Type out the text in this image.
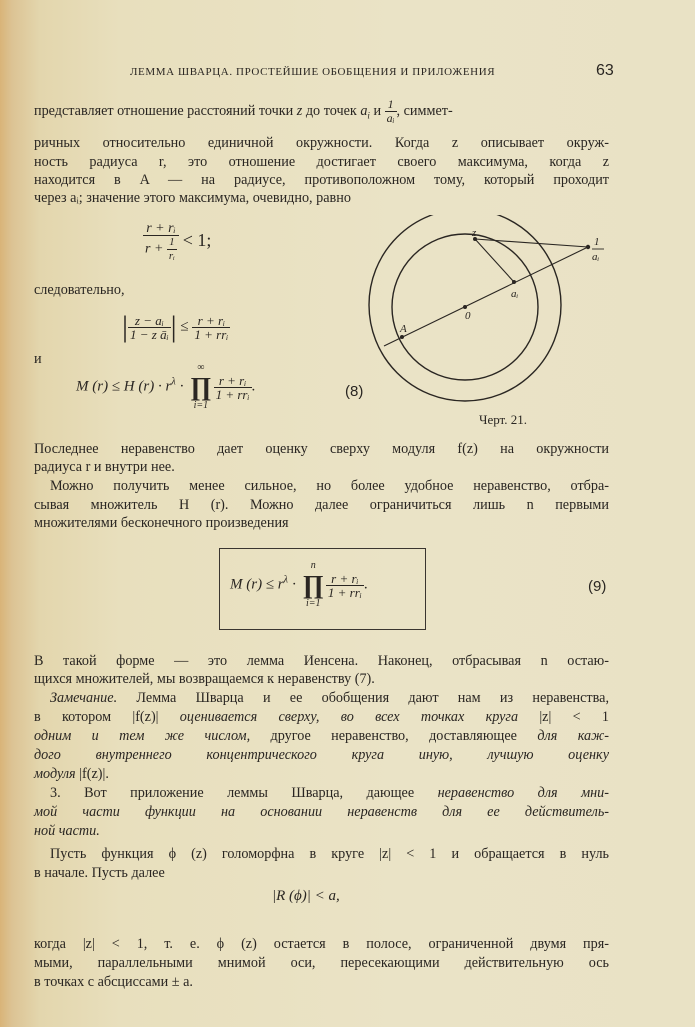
ЛЕММА ШВАРЦА. ПРОСТЕЙШИЕ ОБОБЩЕНИЯ И ПРИЛОЖЕНИЯ	63
представляет отношение расстояний точки z до точек $a_i$ и $\frac{1}{\text{aᵢ}}$ , симмет-
ричных относительно единичной окружности. Когда z описывает окруж-
ность радиуса r, это отношение достигает своего максимума, когда z
находится в A — на радиусе, противоположном тому, который проходит
через aᵢ; значение этого максимума, очевидно, равно
$\frac{\text{r + rᵢ}}{r + \frac{1}{\text{rᵢ}}} < 1$;
следовательно,
| $\frac{\text{z − aᵢ}}{\text{1 − z āᵢ}}$ | ≤ $\frac{\text{r + rᵢ}}{\text{1 + rrᵢ}}$
и
M (r) ≤ H $(r) \cdot r^\lambda$ ·
∞
∏
i=1
$\frac{\text{r + rᵢ}}{\text{1 + rrᵢ}}$ .	(8)
z
1
aᵢ
aᵢ
0
A
Черт. 21.
Последнее неравенство дает оценку сверху модуля f(z) на окружности
радиуса r и внутри нее.
Можно получить менее сильное, но более удобное неравенство, отбра-
сывая множитель H (r). Можно далее ограничиться лишь n первыми
множителями бесконечного произведения
M $(r) \le r^\lambda$ ·
n
∏
i=1
$\frac{\text{r + rᵢ}}{\text{1 + rrᵢ}}$ .	(9)
В такой форме — это лемма Иенсена. Наконец, отбрасывая n остаю-
щихся множителей, мы возвращаемся к неравенству (7).
Замечание. Лемма Шварца и ее обобщения дают нам из неравенства,
в котором |f(z)| оценивается сверху, во всех точках круга |z| < 1
одним и тем же числом, другое неравенство, доставляющее для каж-
дого внутреннего концентрического круга иную, лучшую оценку
модуля |f(z)|.
3. Вот приложение леммы Шварца, дающее неравенство для мни-
мой части функции на основании неравенств для ее действитель-
ной части.
Пусть функция ϕ (z) голоморфна в круге |z| < 1 и обращается в нуль
в начале. Пусть далее
|R (ϕ)| < a,
когда |z| < 1, т. е. ϕ (z) остается в полосе, ограниченной двумя пря-
мыми, параллельными мнимой оси, пересекающими действительную ось
в точках с абсциссами ± a.
